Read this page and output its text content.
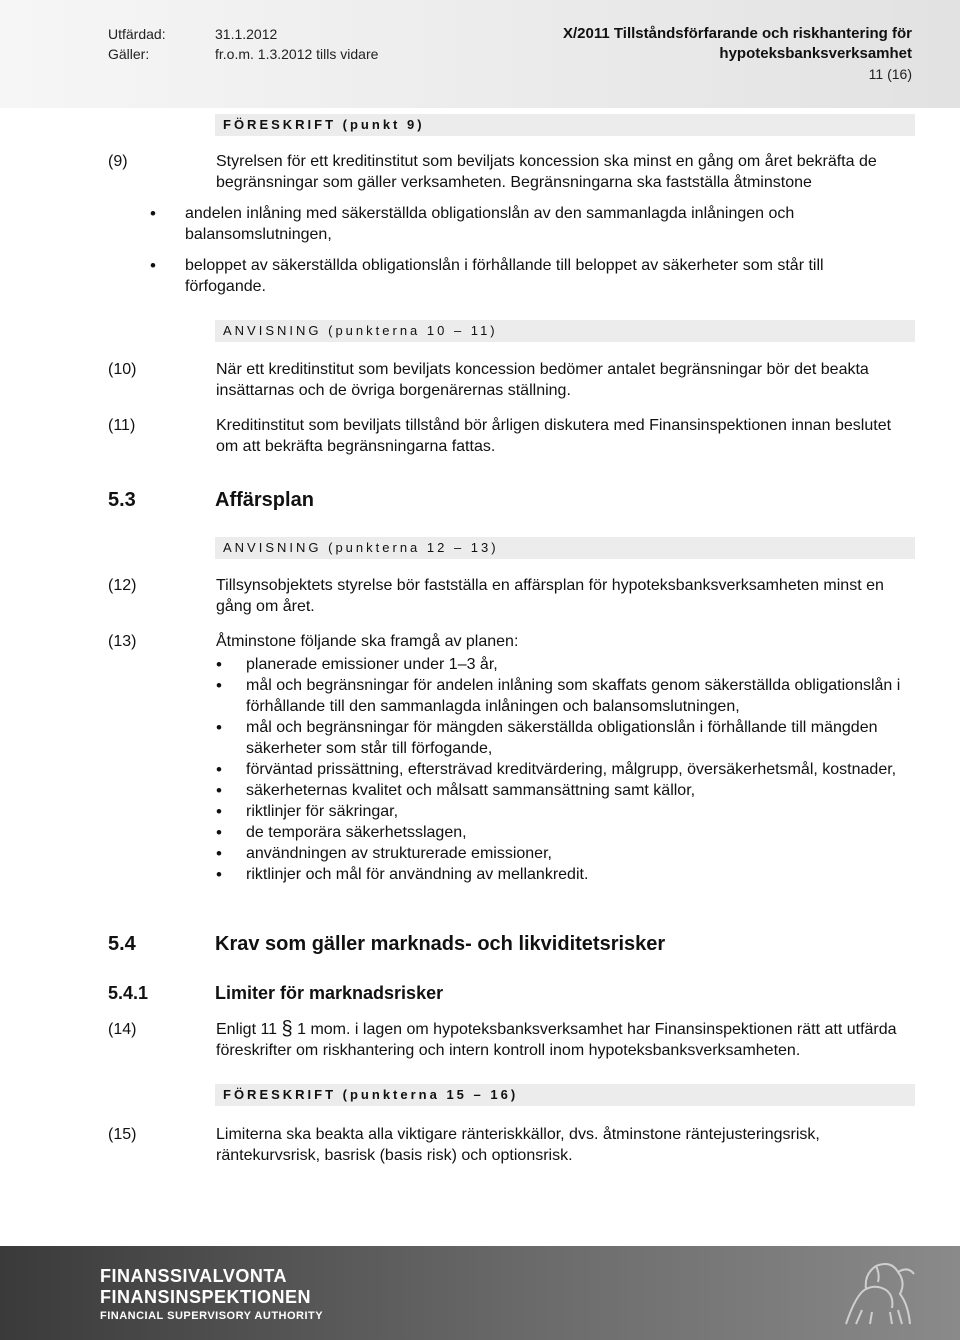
Utfärdad:	31.1.2012
Gäller:	fr.o.m. 1.3.2012 tills vidare
X/2011 Tillståndsförfarande och riskhantering för
hypoteksbanksverksamhet
11 (16)
FÖRESKRIFT (punkt 9)
(9)	Styrelsen för ett kreditinstitut som beviljats koncession ska minst en gång om året bekräfta de begränsningar som gäller verksamheten. Begränsningarna ska fastställa åtminstone
• andelen inlåning med säkerställda obligationslån av den sammanlagda inlåningen och balansomslutningen,
• beloppet av säkerställda obligationslån i förhållande till beloppet av säkerheter som står till förfogande.
ANVISNING (punkterna 10 – 11)
(10)	När ett kreditinstitut som beviljats koncession bedömer antalet begränsningar bör det beakta insättarnas och de övriga borgenärernas ställning.
(11)	Kreditinstitut som beviljats tillstånd bör årligen diskutera med Finansinspektionen innan beslutet om att bekräfta begränsningarna fattas.
5.3	Affärsplan
ANVISNING (punkterna 12 – 13)
(12)	Tillsynsobjektets styrelse bör fastställa en affärsplan för hypoteksbanksverksamheten minst en gång om året.
(13)	Åtminstone följande ska framgå av planen:
• planerade emissioner under 1–3 år,
• mål och begränsningar för andelen inlåning som skaffats genom säkerställda obligationslån i förhållande till den sammanlagda inlåningen och balansomslutningen,
• mål och begränsningar för mängden säkerställda obligationslån i förhållande till mängden säkerheter som står till förfogande,
• förväntad prissättning, eftersträvad kreditvärdering, målgrupp, översäkerhetsmål, kostnader,
• säkerheternas kvalitet och målsatt sammansättning samt källor,
• riktlinjer för säkringar,
• de temporära säkerhetsslagen,
• användningen av strukturerade emissioner,
• riktlinjer och mål för användning av mellankredit.
5.4	Krav som gäller marknads- och likviditetsrisker
5.4.1	Limiter för marknadsrisker
(14)	Enligt 11 § 1 mom. i lagen om hypoteksbanksverksamhet har Finansinspektionen rätt att utfärda föreskrifter om riskhantering och intern kontroll inom hypoteksbanksverksamheten.
FÖRESKRIFT (punkterna 15 – 16)
(15)	Limiterna ska beakta alla viktigare ränteriskkällor, dvs. åtminstone räntejusteringsrisk, räntekurvsrisk, basrisk (basis risk) och optionsrisk.
FINANSSIVALVONTA
FINANSINSPEKTIONEN
FINANCIAL SUPERVISORY AUTHORITY
